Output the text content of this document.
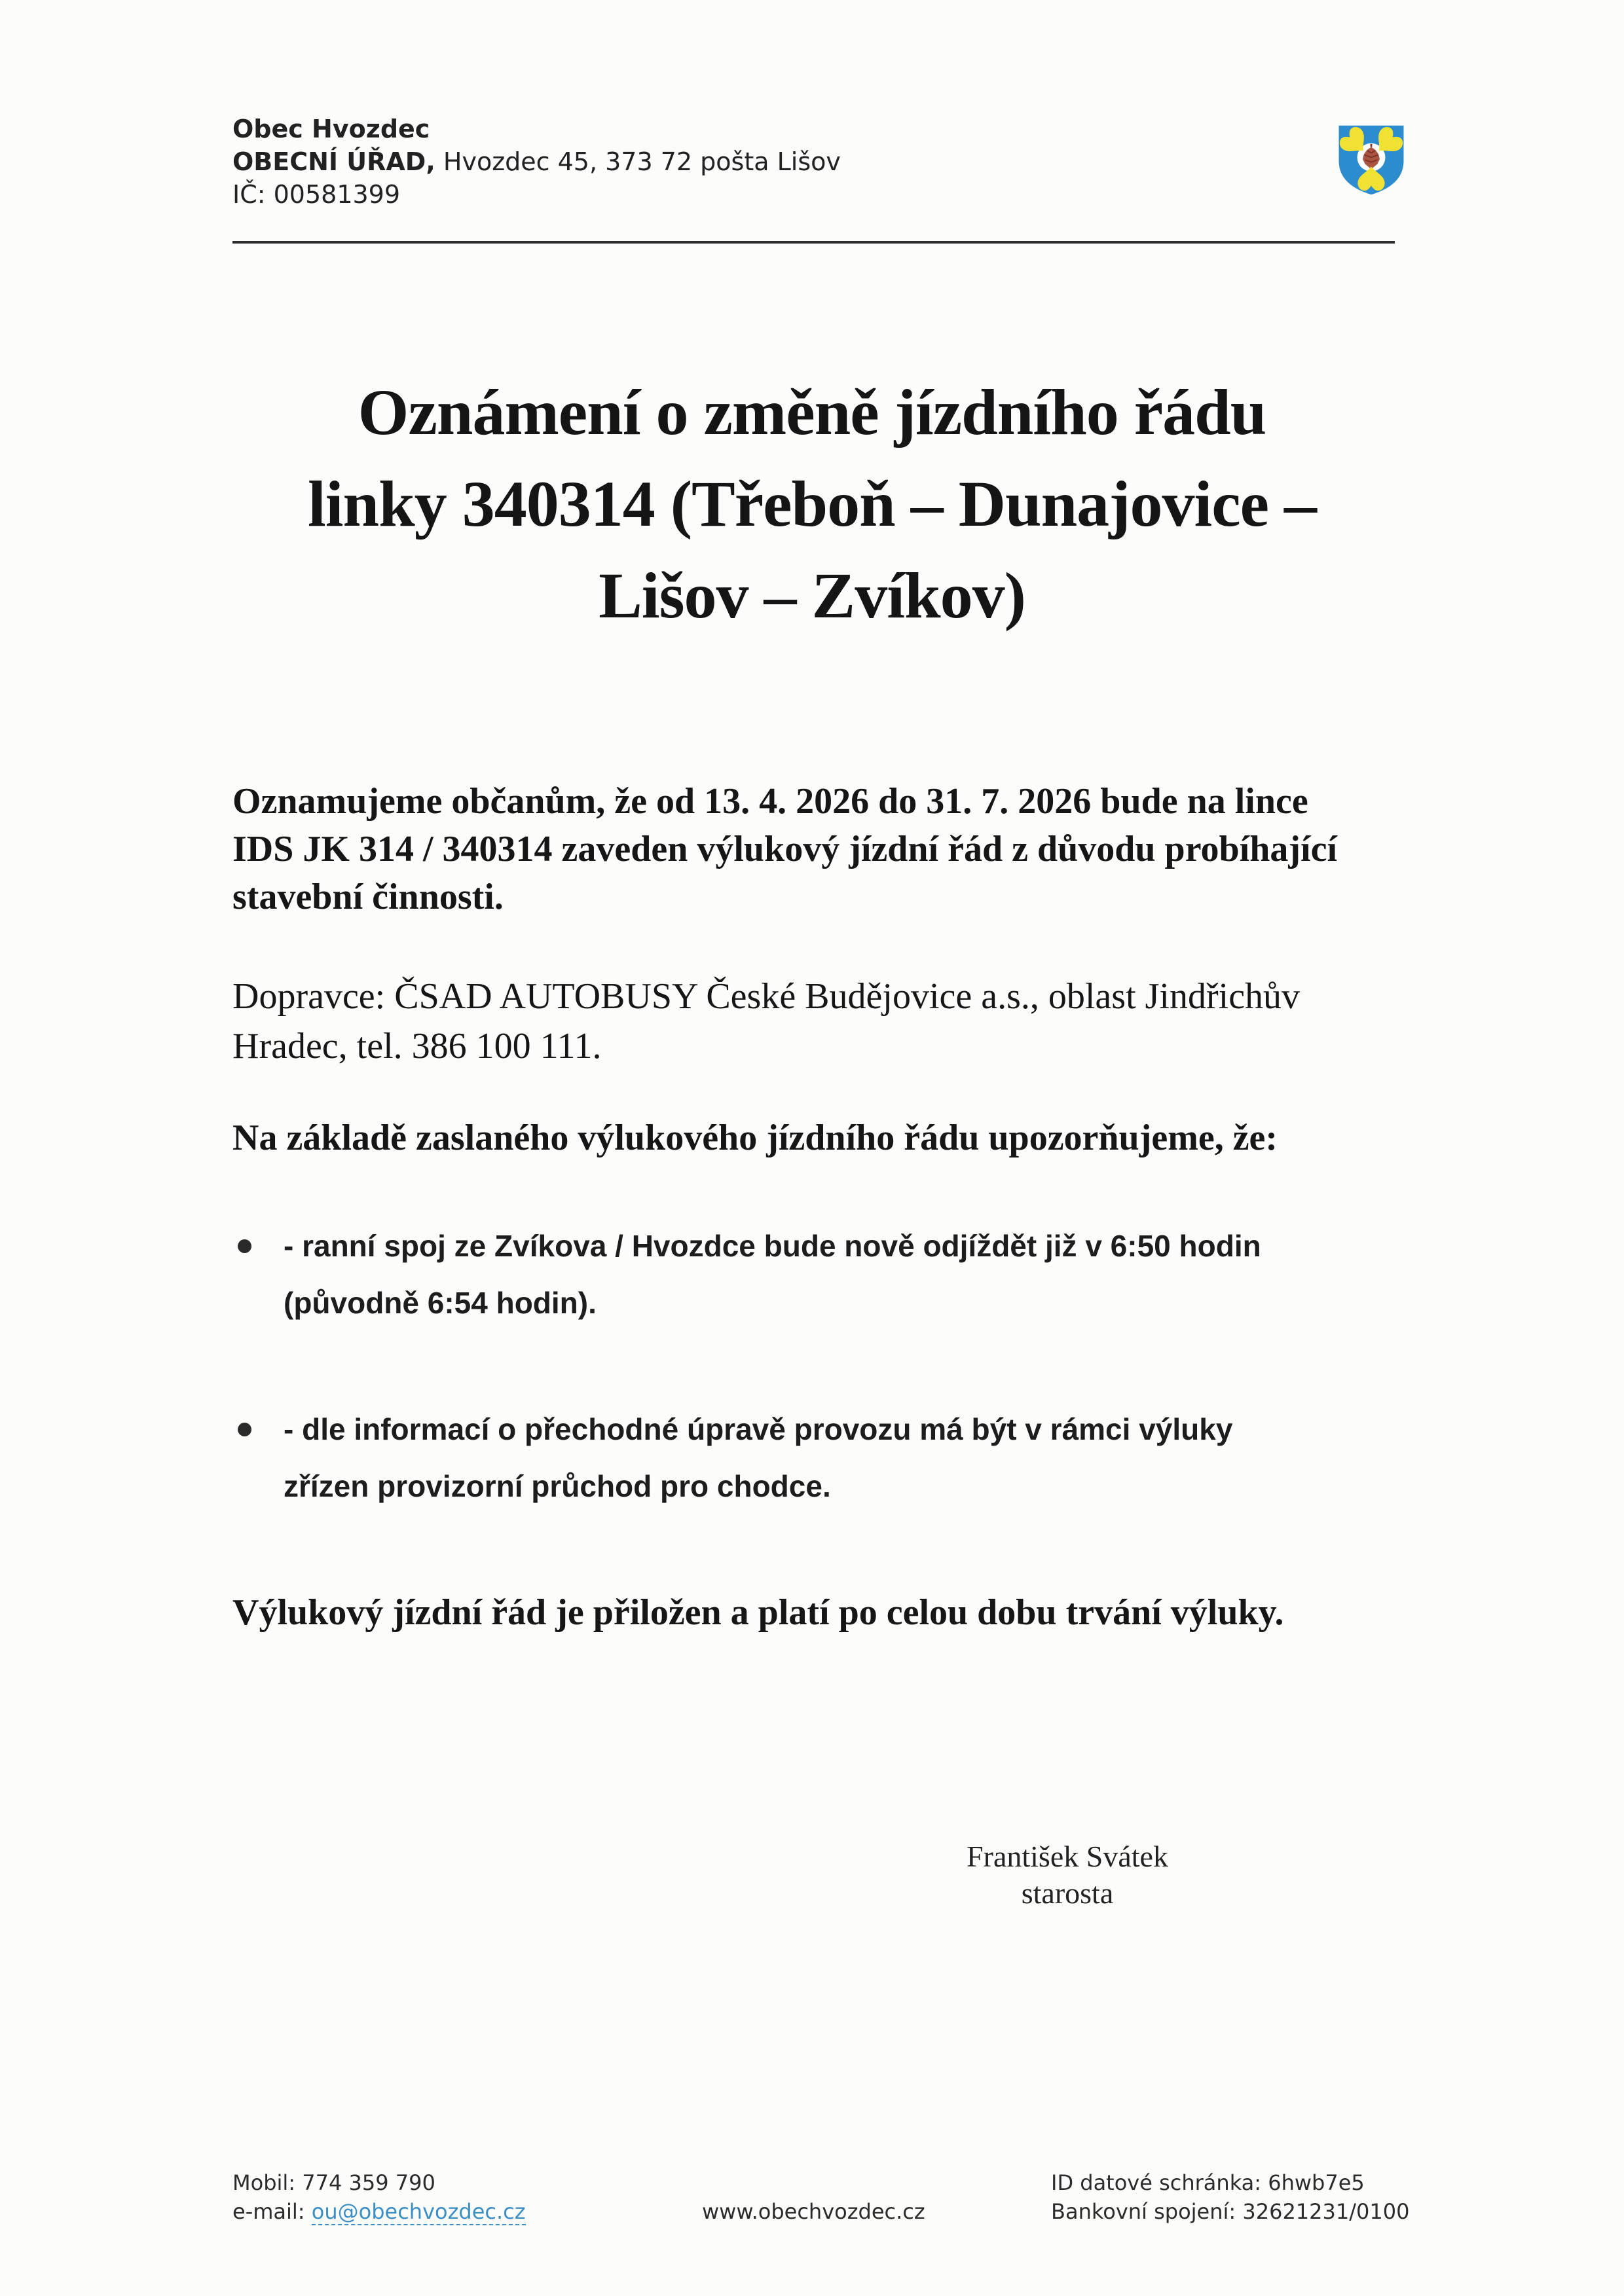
Obec Hvozdec
OBECNÍ ÚŘAD, Hvozdec 45, 373 72 pošta Lišov
IČ: 00581399
Oznámení o změně jízdního řádu
linky 340314 (Třeboň – Dunajovice –
Lišov – Zvíkov)
Oznamujeme občanům, že od 13. 4. 2026 do 31. 7. 2026 bude na lince IDS JK 314 / 340314 zaveden výlukový jízdní řád z důvodu probíhající stavební činnosti.
Dopravce: ČSAD AUTOBUSY České Budějovice a.s., oblast Jindřichův Hradec, tel. 386 100 111.
Na základě zaslaného výlukového jízdního řádu upozorňujeme, že:
- ranní spoj ze Zvíkova / Hvozdce bude nově odjíždět již v 6:50 hodin (původně 6:54 hodin).
- dle informací o přechodné úpravě provozu má být v rámci výluky zřízen provizorní průchod pro chodce.
Výlukový jízdní řád je přiložen a platí po celou dobu trvání výluky.
František Svátek
starosta
Mobil: 774 359 790
e-mail: ou@obechvozdec.cz	www.obechvozdec.cz
ID datové schránka: 6hwb7e5
Bankovní spojení: 32621231/0100
